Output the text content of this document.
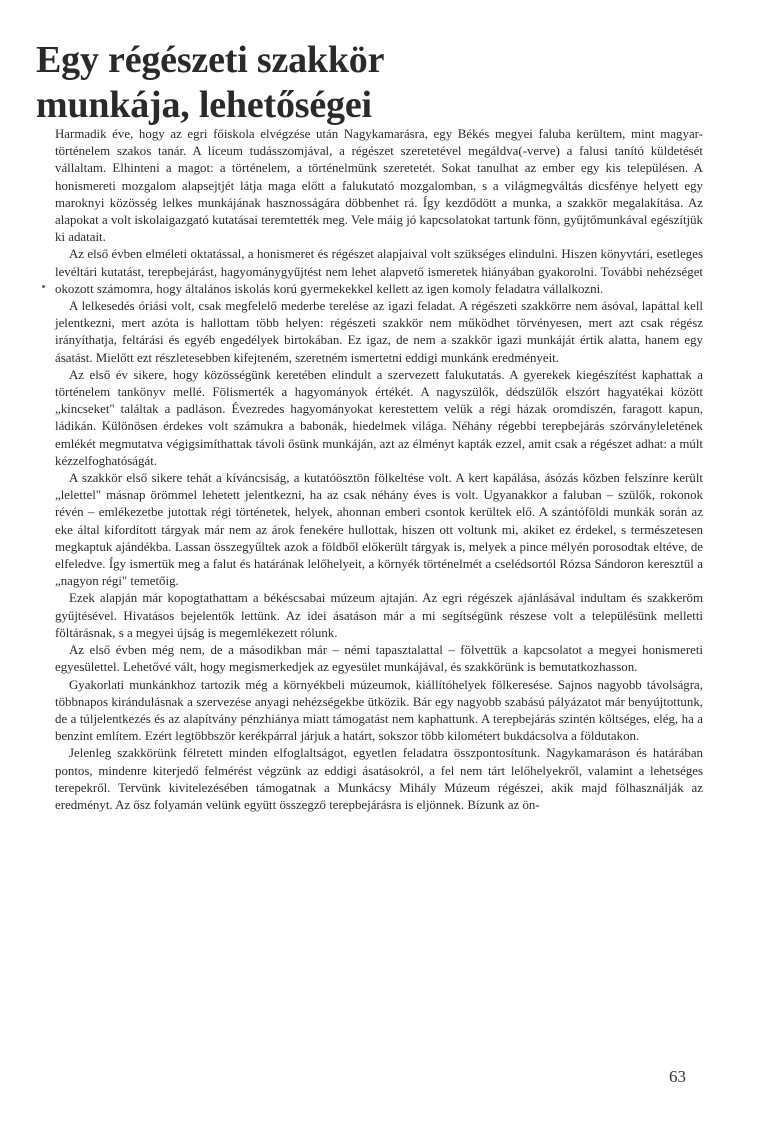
Egy régészeti szakkör
munkája, lehetőségei

Harmadik éve, hogy az egri főiskola elvégzése után Nagykamarásra, egy Békés megyei faluba kerültem, mint magyar-történelem szakos tanár. A líceum tudásszomjával, a régészet szeretetével megáldva(-verve) a falusi tanító küldetését vállaltam. Elhinteni a magot: a történelem, a történelmünk szeretetét. Sokat tanulhat az ember egy kis településen. A honismereti mozgalom alapsejtjét látja maga előtt a falukutató mozgalomban, s a világmegváltás dicsfénye helyett egy maroknyi közösség lelkes munkájának hasznosságára döbbenhet rá. Így kezdődött a munka, a szakkör megalakítása. Az alapokat a volt iskolaigazgató kutatásai teremtették meg. Vele máig jó kapcsolatokat tartunk fönn, gyűjtőmunkával egészítjük ki adatait.

Az első évben elméleti oktatással, a honismeret és régészet alapjaival volt szükséges elindulni. Hiszen könyvtári, esetleges levéltári kutatást, terepbejárást, hagyománygyűjtést nem lehet alapvető ismeretek hiányában gyakorolni. További nehézséget okozott számomra, hogy általános iskolás korú gyermekekkel kellett az igen komoly feladatra vállalkozni.

A lelkesedés óriási volt, csak megfelelő mederbe terelése az igazi feladat. A régészeti szakkörre nem ásóval, lapáttal kell jelentkezni, mert azóta is hallottam több helyen: régészeti szakkör nem működhet törvényesen, mert azt csak régész irányíthatja, feltárási és egyéb engedélyek birtokában. Ez igaz, de nem a szakkör igazi munkáját értik alatta, hanem egy ásatást. Mielőtt ezt részletesebben kifejteném, szeretném ismertetni eddigi munkánk eredményeit.

Az első év sikere, hogy közösségünk keretében elindult a szervezett falukutatás. A gyerekek kiegészítést kaphattak a történelem tankönyv mellé. Fölismerték a hagyományok értékét. A nagyszülők, dédszülők elszórt hagyatékai között „kincseket" találtak a padláson. Évezredes hagyományokat kerestettem velük a régi házak oromdíszén, faragott kapun, ládikán. Különösen érdekes volt számukra a babonák, hiedelmek világa. Néhány régebbi terepbejárás szórványleletének emlékét megmutatva végigsimíthattak távoli ősünk munkáján, azt az élményt kapták ezzel, amit csak a régészet adhat: a múlt kézzelfoghatóságát.

A szakkör első sikere tehát a kíváncsiság, a kutatóösztön fölkeltése volt. A kert kapálása, ásózás közben felszínre került „lelettel" másnap örömmel lehetett jelentkezni, ha az csak néhány éves is volt. Ugyanakkor a faluban – szülők, rokonok révén – emlékezetbe jutottak régi történetek, helyek, ahonnan emberi csontok kerültek elő. A szántóföldi munkák során az eke által kifordított tárgyak már nem az árok fenekére hullottak, hiszen ott voltunk mi, akiket ez érdekel, s természetesen megkaptuk ajándékba. Lassan összegyűltek azok a földből előkerült tárgyak is, melyek a pince mélyén porosodtak eltéve, de elfeledve. Így ismertük meg a falut és határának lelőhelyeit, a környék történelmét a cselédsortól Rózsa Sándoron keresztül a „nagyon régi" temetőig.

Ezek alapján már kopogtathattam a békéscsabai múzeum ajtaján. Az egri régészek ajánlásával indultam és szakkeröm gyűjtésével. Hivatásos bejelentők lettünk. Az idei ásatáson már a mi segítségünk részese volt a településünk melletti föltárásnak, s a megyei újság is megemlékezett rólunk.

Az első évben még nem, de a másodikban már – némi tapasztalattal – fölvettük a kapcsolatot a megyei honismereti egyesülettel. Lehetővé vált, hogy megismerkedjek az egyesület munkájával, és szakkörünk is bemutatkozhasson.

Gyakorlati munkánkhoz tartozik még a környékbeli múzeumok, kiállítóhelyek fölkeresése. Sajnos nagyobb távolságra, többnapos kirándulásnak a szervezése anyagi nehézségekbe ütközik. Bár egy nagyobb szabású pályázatot már benyújtottunk, de a túljelentkezés és az alapítvány pénzhiánya miatt támogatást nem kaphattunk. A terepbejárás szintén költséges, elég, ha a benzint említem. Ezért legtöbbször kerékpárral járjuk a határt, sokszor több kilométert bukdácsolva a földutakon.

Jelenleg szakkörünk félretett minden elfoglaltságot, egyetlen feladatra összpontosítunk. Nagykamaráson és határában pontos, mindenre kiterjedő felmérést végzünk az eddigi ásatásokról, a fel nem tárt lelőhelyekről, valamint a lehetséges terepekről. Tervünk kivitelezésében támogatnak a Munkácsy Mihály Múzeum régészei, akik majd fölhasználják az eredményt. Az ősz folyamán velünk együtt összegző terepbejárásra is eljönnek. Bízunk az ön-

63
